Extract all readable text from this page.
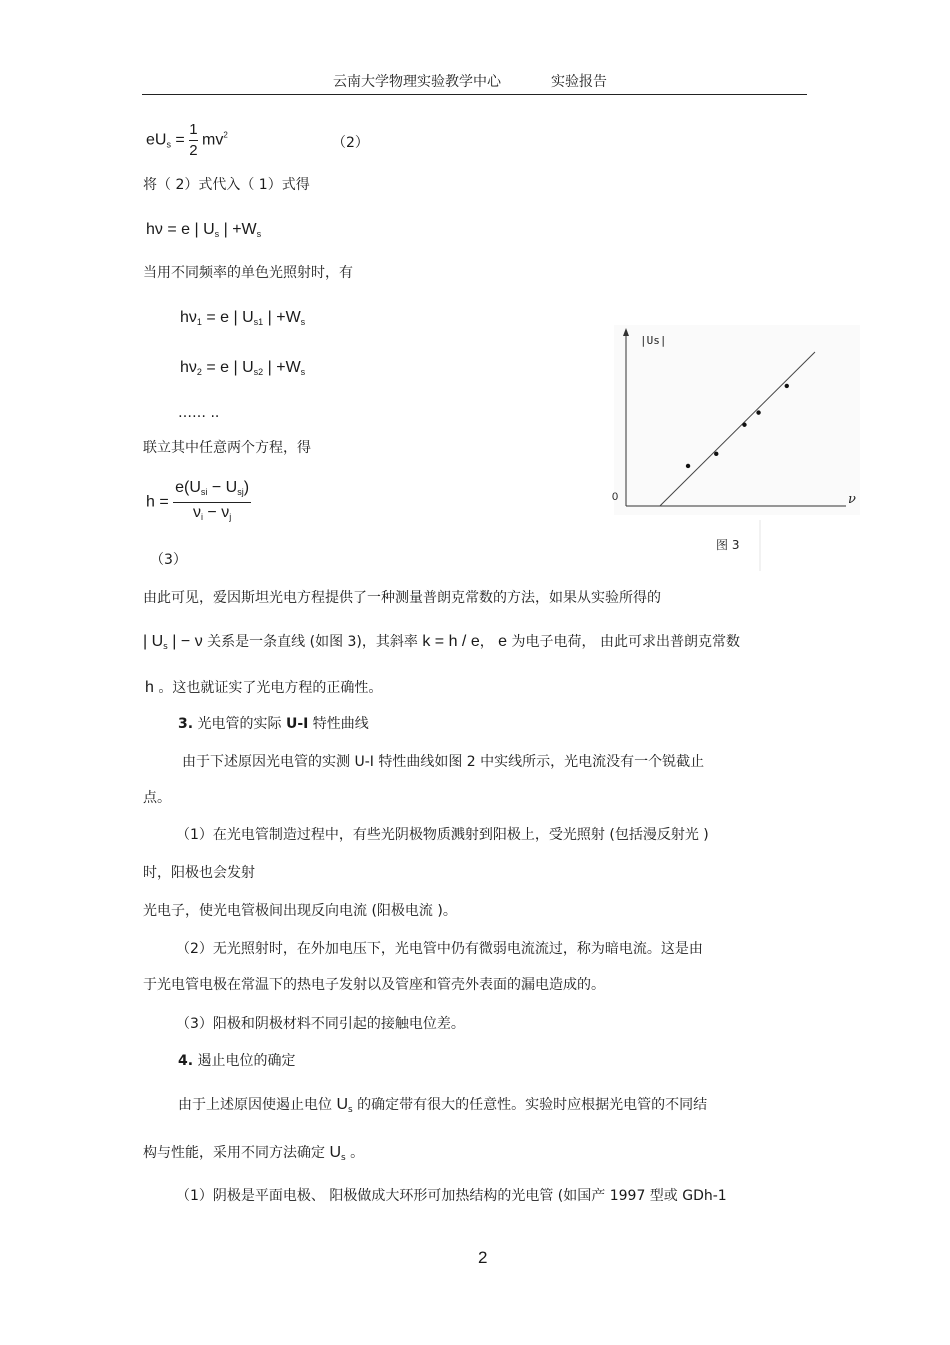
云南大学物理实验教学中心	实验报告
$eU_s = \frac{1}{2} mv^2$	（2）
将（ 2）式代入（ 1）式得
hν = e | $U_s$ | $+W_s$
当用不同频率的单色光照射时，有
$h\nu_1 = e$ | $U_{s1}$ | $+W_s$
$h\nu_2 = e$ | $U_{s2}$ | $+W_s$
…… ..
联立其中任意两个方程，得
$h = \frac{e(U_{si} - U_{sj})}{\nu_i - \nu_j}$
（3）
|Us|
ν
0
图 3
由此可见，爱因斯坦光电方程提供了一种测量普朗克常数的方法，如果从实验所得的
| $U_s$ | − ν 关系是一条直线 (如图 3)，其斜率 k = h / e， e 为电子电荷， 由此可求出普朗克常数
h 。这也就证实了光电方程的正确性。
3. 光电管的实际 U-I 特性曲线
由于下述原因光电管的实测 U-I 特性曲线如图 2 中实线所示，光电流没有一个锐截止
点。
（1）在光电管制造过程中，有些光阴极物质溅射到阳极上，受光照射 (包括漫反射光 )
时，阳极也会发射
光电子，使光电管极间出现反向电流 (阳极电流 )。
（2）无光照射时，在外加电压下，光电管中仍有微弱电流流过，称为暗电流。这是由
于光电管电极在常温下的热电子发射以及管座和管壳外表面的漏电造成的。
（3）阳极和阴极材料不同引起的接触电位差。
4. 遏止电位的确定
由于上述原因使遏止电位 $U_s$ 的确定带有很大的任意性。实验时应根据光电管的不同结
构与性能，采用不同方法确定 $U_s$ 。
（1）阴极是平面电极、 阳极做成大环形可加热结构的光电管 (如国产 1997 型或 GDh-1
2
